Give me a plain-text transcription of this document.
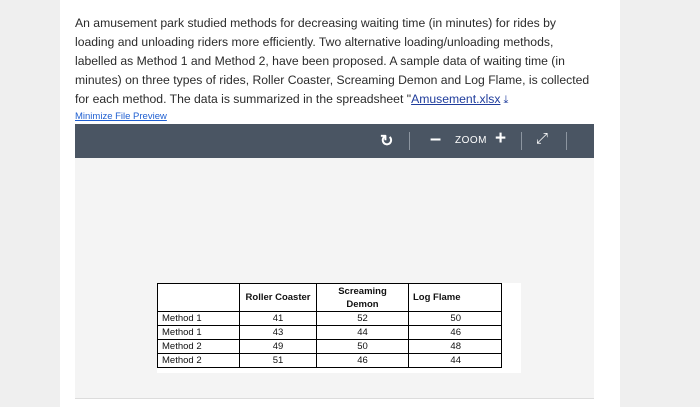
An amusement park studied methods for decreasing waiting time (in minutes) for rides by loading and unloading riders more efficiently. Two alternative loading/unloading methods, labelled as Method 1 and Method 2, have been proposed. A sample data of waiting time (in minutes) on three types of rides, Roller Coaster, Screaming Demon and Log Flame, is collected for each method. The data is summarized in the spreadsheet "Amusement.xlsx ⤓

Minimize File Preview
↻ – ZOOM + ⤢
	Roller Coaster	Screaming Demon	Log Flame
Method 1	41	52	50
Method 1	43	44	46
Method 2	49	50	48
Method 2	51	46	44
